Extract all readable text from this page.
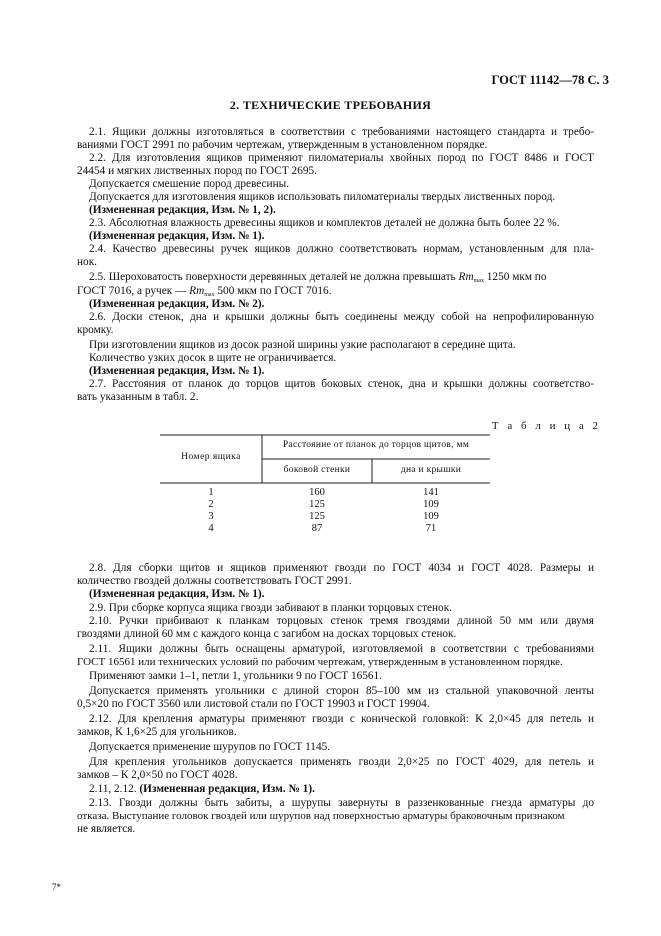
ГОСТ 11142—78 С. 3
2. ТЕХНИЧЕСКИЕ ТРЕБОВАНИЯ
2.1. Ящики должны изготовляться в соответствии с требованиями настоящего стандарта и требо-
ваниями ГОСТ 2991 по рабочим чертежам, утвержденным в установленном порядке.
2.2. Для изготовления ящиков применяют пиломатериалы хвойных пород по ГОСТ 8486 и ГОСТ
24454 и мягких лиственных пород по ГОСТ 2695.
Допускается смешение пород древесины.
Допускается для изготовления ящиков использовать пиломатериалы твердых лиственных пород.
(Измененная редакция, Изм. № 1, 2).
2.3. Абсолютная влажность древесины ящиков и комплектов деталей не должна быть более 22 %.
(Измененная редакция, Изм. № 1).
2.4. Качество древесины ручек ящиков должно соответствовать нормам, установленным для пла-
нок.
2.5. Шероховатость поверхности деревянных деталей не должна превышать $Rm_{max}$ 1250 мкм по
ГОСТ 7016, а ручек — $Rm_{max}$ 500 мкм по ГОСТ 7016.
(Измененная редакция, Изм. № 2).
2.6. Доски стенок, дна и крышки должны быть соединены между собой на непрофилированную
кромку.
При изготовлении ящиков из досок разной ширины узкие располагают в середине щита.
Количество узких досок в щите не ограничивается.
(Измененная редакция, Изм. № 1).
2.7. Расстояния от планок до торцов щитов боковых стенок, дна и крышки должны соответство-
вать указанным в табл. 2.
Т а б л и ц а 2
Номер ящика
Расстояние от планок до торцов щитов, мм
боковой стенки	дна и крышки
1	160	141
2	125	109
3	125	109
4	87	71
2.8. Для сборки щитов и ящиков применяют гвозди по ГОСТ 4034 и ГОСТ 4028. Размеры и
количество гвоздей должны соответствовать ГОСТ 2991.
(Измененная редакция, Изм. № 1).
2.9. При сборке корпуса ящика гвозди забивают в планки торцовых стенок.
2.10. Ручки прибивают к планкам торцовых стенок тремя гвоздями длиной 50 мм или двумя
гвоздями длиной 60 мм с каждого конца с загибом на досках торцовых стенок.
2.11. Ящики должны быть оснащены арматурой, изготовляемой в соответствии с требованиями
ГОСТ 16561 или технических условий по рабочим чертежам, утвержденным в установленном порядке.
Применяют замки 1–1, петли 1, угольники 9 по ГОСТ 16561.
Допускается применять угольники с длиной сторон 85–100 мм из стальной упаковочной ленты
0,5×20 по ГОСТ 3560 или листовой стали по ГОСТ 19903 и ГОСТ 19904.
2.12. Для крепления арматуры применяют гвозди с конической головкой: К 2,0×45 для петель и
замков, К 1,6×25 для угольников.
Допускается применение шурупов по ГОСТ 1145.
Для крепления угольников допускается применять гвозди 2,0×25 по ГОСТ 4029, для петель и
замков – К 2,0×50 по ГОСТ 4028.
2.11, 2.12. (Измененная редакция, Изм. № 1).
2.13. Гвозди должны быть забиты, а шурупы завернуты в раззенкованные гнезда арматуры до
отказа. Выступание головок гвоздей или шурупов над поверхностью арматуры браковочным признаком
не является.
7*
